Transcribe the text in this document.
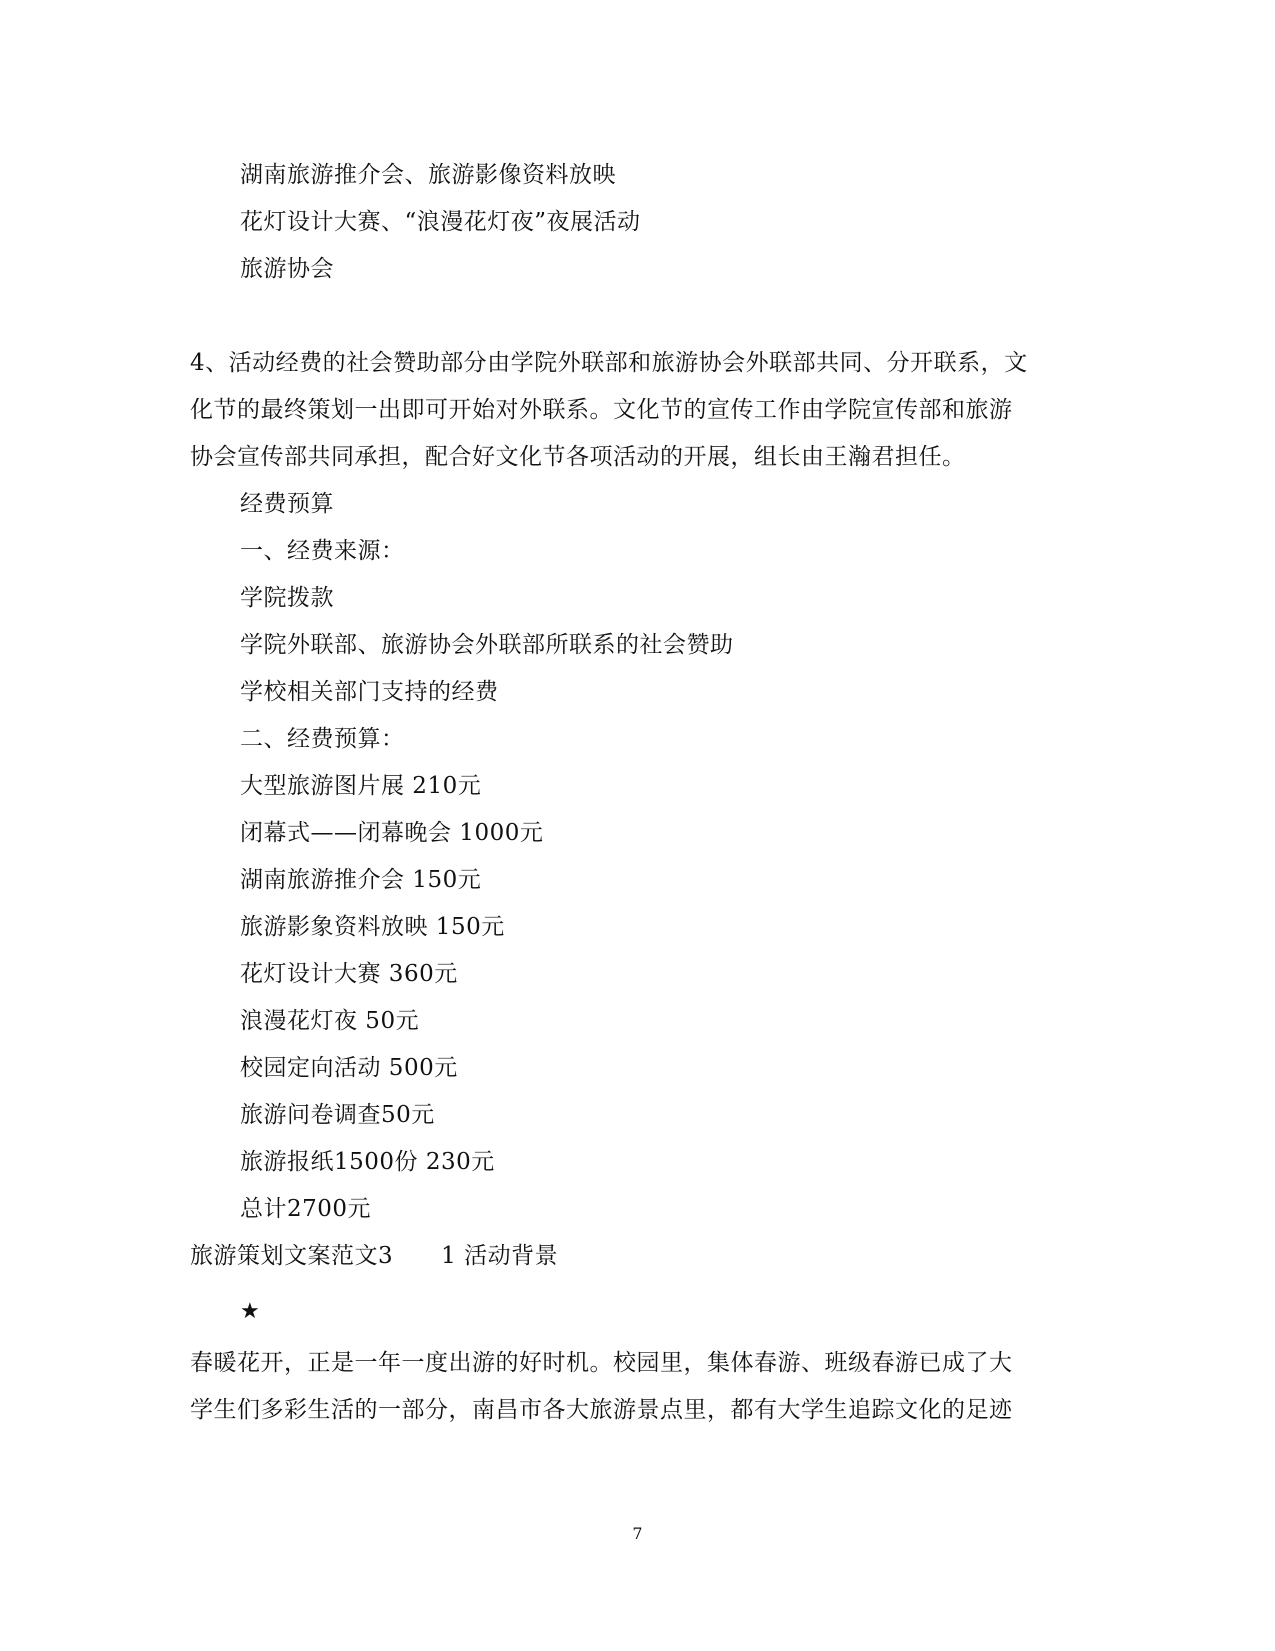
湖南旅游推介会、旅游影像资料放映
花灯设计大赛、“浪漫花灯夜”夜展活动
旅游协会
4、活动经费的社会赞助部分由学院外联部和旅游协会外联部共同、分开联系，文
化节的最终策划一出即可开始对外联系。文化节的宣传工作由学院宣传部和旅游
协会宣传部共同承担，配合好文化节各项活动的开展，组长由王瀚君担任。
经费预算
一、经费来源：
学院拨款
学院外联部、旅游协会外联部所联系的社会赞助
学校相关部门支持的经费
二、经费预算：
大型旅游图片展 210元
闭幕式——闭幕晚会 1000元
湖南旅游推介会 150元
旅游影象资料放映 150元
花灯设计大赛 360元
浪漫花灯夜 50元
校园定向活动 500元
旅游问卷调查50元
旅游报纸1500份 230元
总计2700元
旅游策划文案范文3 1 活动背景
★
春暖花开，正是一年一度出游的好时机。校园里，集体春游、班级春游已成了大
学生们多彩生活的一部分，南昌市各大旅游景点里，都有大学生追踪文化的足迹
7
